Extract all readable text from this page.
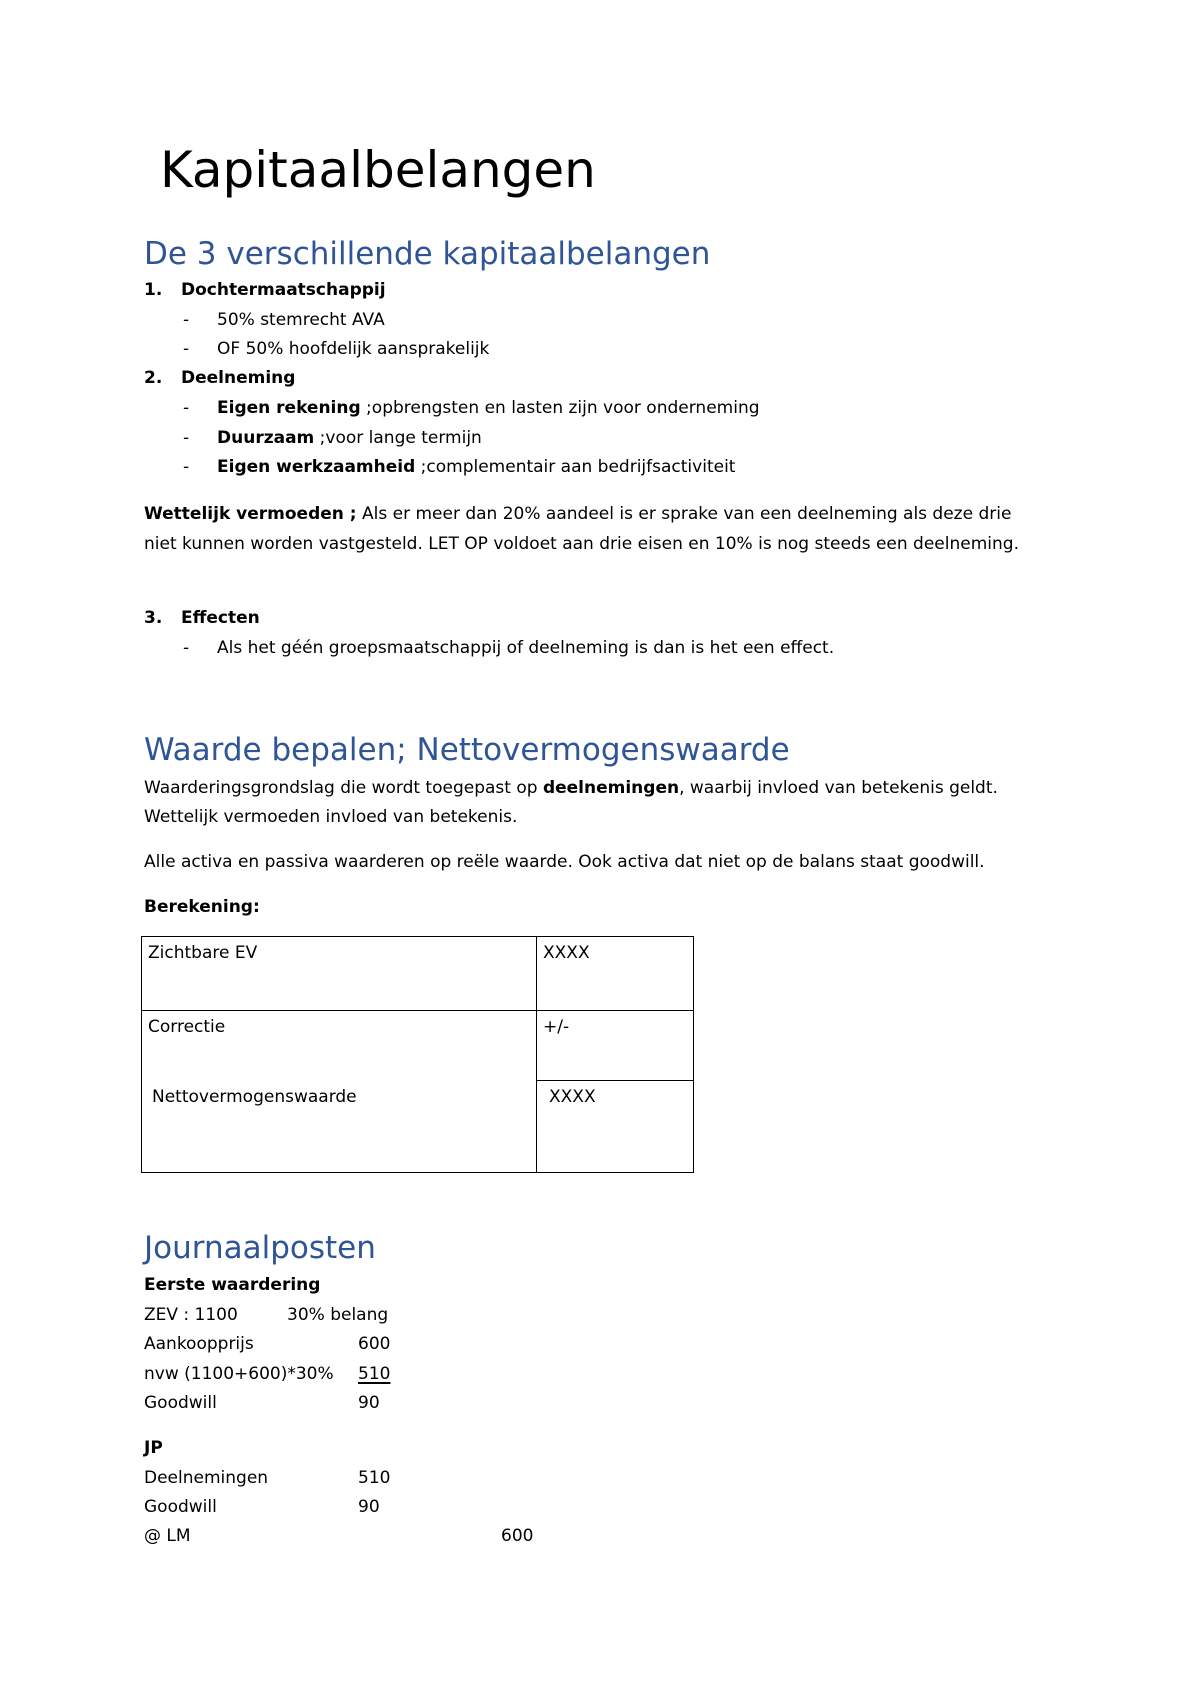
Kapitaalbelangen
De 3 verschillende kapitaalbelangen
1. Dochtermaatschappij
- 50% stemrecht AVA
- OF 50% hoofdelijk aansprakelijk
2. Deelneming
- Eigen rekening ;opbrengsten en lasten zijn voor onderneming
- Duurzaam ;voor lange termijn
- Eigen werkzaamheid ;complementair aan bedrijfsactiviteit
Wettelijk vermoeden ; Als er meer dan 20% aandeel is er sprake van een deelneming als deze drie niet kunnen worden vastgesteld. LET OP voldoet aan drie eisen en 10% is nog steeds een deelneming.
3. Effecten
- Als het géén groepsmaatschappij of deelneming is dan is het een effect.
Waarde bepalen; Nettovermogenswaarde
Waarderingsgrondslag die wordt toegepast op deelnemingen, waarbij invloed van betekenis geldt.
Wettelijk vermoeden invloed van betekenis.
Alle activa en passiva waarderen op reële waarde. Ook activa dat niet op de balans staat goodwill.
Berekening:
Zichtbare EV	XXXX
Correctie	+/-
Nettovermogenswaarde	XXXX
Journaalposten
Eerste waardering
ZEV : 1100	30% belang
Aankoopprijs	600
nvw (1100+600)*30% 510
Goodwill	90
JP
Deelnemingen	510
Goodwill	90
@ LM	600
